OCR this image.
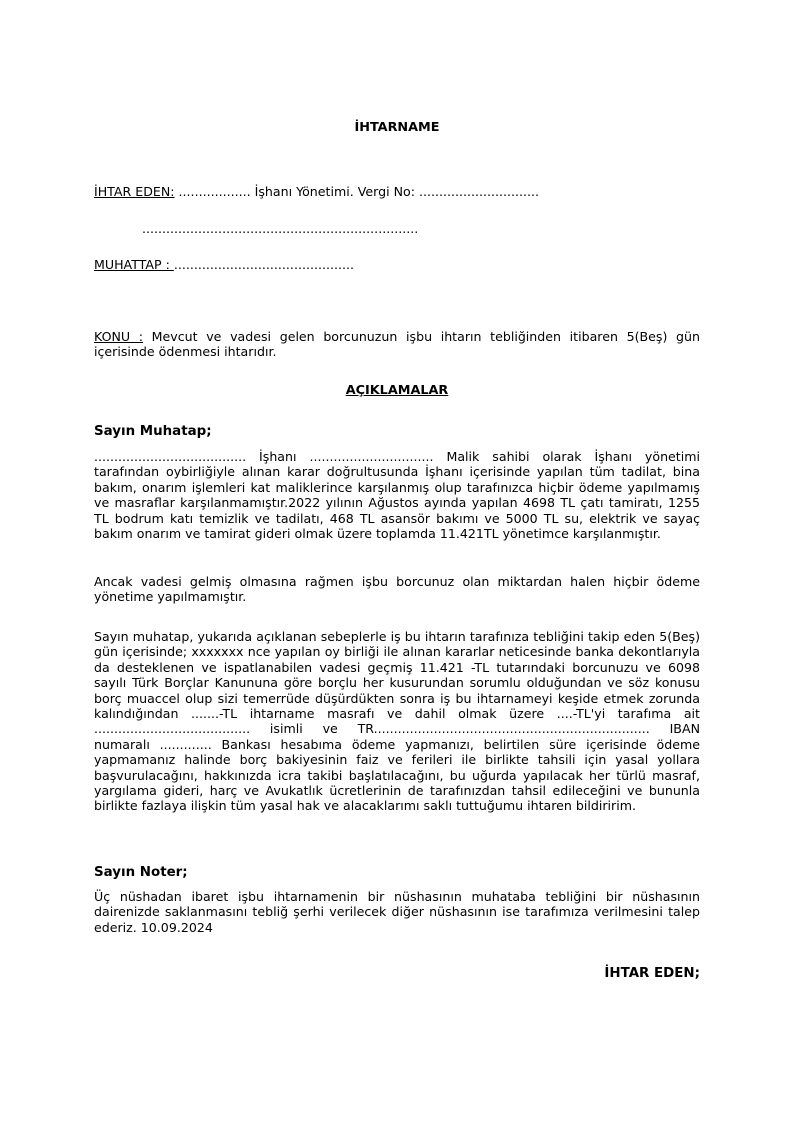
İHTARNAME

İHTAR EDEN: .................. İşhanı Yönetimi. Vergi No: ..............................

.....................................................................

MUHATTAP : .............................................

KONU : Mevcut ve vadesi gelen borcunuzun işbu ihtarın tebliğinden itibaren 5(Beş) gün
içerisinde ödenmesi ihtarıdır.

AÇIKLAMALAR

Sayın Muhatap;

...................................... İşhanı ............................... Malik sahibi olarak İşhanı yönetimi
tarafından oybirliğiyle alınan karar doğrultusunda İşhanı içerisinde yapılan tüm tadilat, bina
bakım, onarım işlemleri kat maliklerince karşılanmış olup tarafınızca hiçbir ödeme yapılmamış
ve masraflar karşılanmamıştır.2022 yılının Ağustos ayında yapılan 4698 TL çatı tamiratı, 1255
TL bodrum katı temizlik ve tadilatı, 468 TL asansör bakımı ve 5000 TL su, elektrik ve sayaç
bakım onarım ve tamirat gideri olmak üzere toplamda 11.421TL yönetimce karşılanmıştır.
Ancak vadesi gelmiş olmasına rağmen işbu borcunuz olan miktardan halen hiçbir ödeme
yönetime yapılmamıştır.
Sayın muhatap, yukarıda açıklanan sebeplerle iş bu ihtarın tarafınıza tebliğini takip eden 5(Beş)
gün içerisinde; xxxxxxx nce yapılan oy birliği ile alınan kararlar neticesinde banka dekontlarıyla
da desteklenen ve ispatlanabilen vadesi geçmiş 11.421 -TL tutarındaki borcunuzu ve 6098
sayılı Türk Borçlar Kanununa göre borçlu her kusurundan sorumlu olduğundan ve söz konusu
borç muaccel olup sizi temerrüde düşürdükten sonra iş bu ihtarnameyi keşide etmek zorunda
kalındığından .......-TL ihtarname masrafı ve dahil olmak üzere ....-TL'yi tarafıma ait
....................................... isimli ve TR..................................................................... IBAN
numaralı ............. Bankası hesabıma ödeme yapmanızı, belirtilen süre içerisinde ödeme
yapmamanız halinde borç bakiyesinin faiz ve ferileri ile birlikte tahsili için yasal yollara
başvurulacağını, hakkınızda icra takibi başlatılacağını, bu uğurda yapılacak her türlü masraf,
yargılama gideri, harç ve Avukatlık ücretlerinin de tarafınızdan tahsil edileceğini ve bununla
birlikte fazlaya ilişkin tüm yasal hak ve alacaklarımı saklı tuttuğumu ihtaren bildiririm.

Sayın Noter;

Üç nüshadan ibaret işbu ihtarnamenin bir nüshasının muhataba tebliğini bir nüshasının
dairenizde saklanmasını tebliğ şerhi verilecek diğer nüshasının ise tarafımıza verilmesini talep
ederiz. 10.09.2024

İHTAR EDEN;
